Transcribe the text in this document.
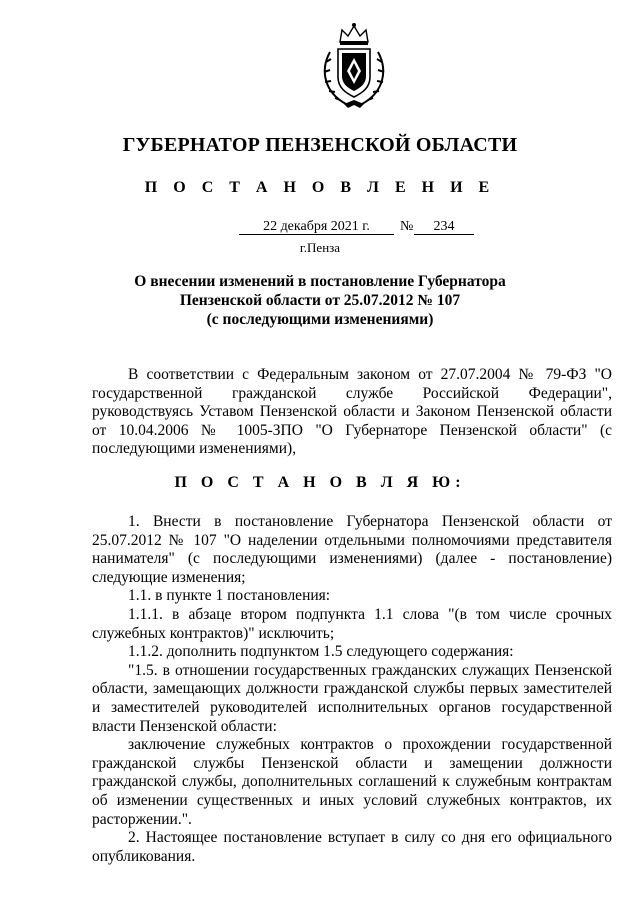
ГУБЕРНАТОР ПЕНЗЕНСКОЙ ОБЛАСТИ
П О С Т А Н О В Л Е Н И Е
22 декабря 2021 г.	№	234
г.Пенза
О внесении изменений в постановление Губернатора
Пензенской области от 25.07.2012 № 107
(с последующими изменениями)
В соответствии с Федеральным законом от 27.07.2004 № 79-ФЗ "О государственной гражданской службе Российской Федерации", руководствуясь Уставом Пензенской области и Законом Пензенской области от 10.04.2006 № 1005-ЗПО "О Губернаторе Пензенской области" (с последующими изменениями),
П О С Т А Н О В Л Я Ю:
1. Внести в постановление Губернатора Пензенской области от 25.07.2012 № 107 "О наделении отдельными полномочиями представителя нанимателя" (с последующими изменениями) (далее - постановление) следующие изменения;
1.1. в пункте 1 постановления:
1.1.1. в абзаце втором подпункта 1.1 слова "(в том числе срочных служебных контрактов)" исключить;
1.1.2. дополнить подпунктом 1.5 следующего содержания:
"1.5. в отношении государственных гражданских служащих Пензенской области, замещающих должности гражданской службы первых заместителей и заместителей руководителей исполнительных органов государственной власти Пензенской области:
заключение служебных контрактов о прохождении государственной гражданской службы Пензенской области и замещении должности гражданской службы, дополнительных соглашений к служебным контрактам об изменении существенных и иных условий служебных контрактов, их расторжении.".
2. Настоящее постановление вступает в силу со дня его официального опубликования.
